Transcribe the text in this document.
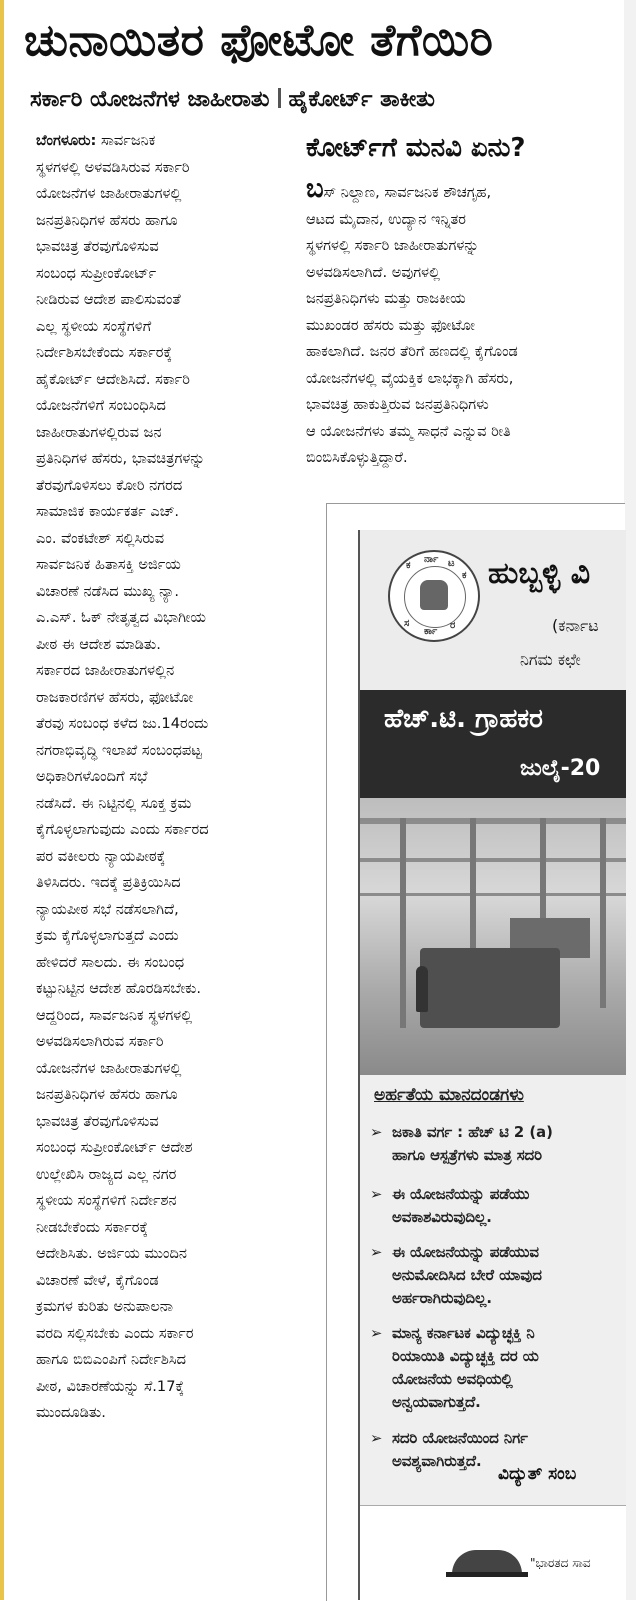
ಚುನಾಯಿತರ ಫೋಟೋ ತೆಗೆಯಿರಿ
ಸರ್ಕಾರಿ ಯೋಜನೆಗಳ ಜಾಹೀರಾತು ಹೈಕೋರ್ಟ್ ತಾಕೀತು
ಬೆಂಗಳೂರು: ಸಾರ್ವಜನಿಕ
ಸ್ಥಳಗಳಲ್ಲಿ ಅಳವಡಿಸಿರುವ ಸರ್ಕಾರಿ
ಯೋಜನೆಗಳ ಜಾಹೀರಾತುಗಳಲ್ಲಿ
ಜನಪ್ರತಿನಿಧಿಗಳ ಹೆಸರು ಹಾಗೂ
ಭಾವಚಿತ್ರ ತೆರವುಗೊಳಿಸುವ
ಸಂಬಂಧ ಸುಪ್ರೀಂಕೋರ್ಟ್
ನೀಡಿರುವ ಆದೇಶ ಪಾಲಿಸುವಂತೆ
ಎಲ್ಲ ಸ್ಥಳೀಯ ಸಂಸ್ಥೆಗಳಿಗೆ
ನಿರ್ದೇಶಿಸಬೇಕೆಂದು ಸರ್ಕಾರಕ್ಕೆ
ಹೈಕೋರ್ಟ್ ಆದೇಶಿಸಿದೆ. ಸರ್ಕಾರಿ
ಯೋಜನೆಗಳಿಗೆ ಸಂಬಂಧಿಸಿದ
ಜಾಹೀರಾತುಗಳಲ್ಲಿರುವ ಜನ
ಪ್ರತಿನಿಧಿಗಳ ಹೆಸರು, ಭಾವಚಿತ್ರಗಳನ್ನು
ತೆರವುಗೊಳಿಸಲು ಕೋರಿ ನಗರದ
ಸಾಮಾಜಿಕ ಕಾರ್ಯಕರ್ತ ಎಚ್.
ಎಂ. ವೆಂಕಟೇಶ್ ಸಲ್ಲಿಸಿರುವ
ಸಾರ್ವಜನಿಕ ಹಿತಾಸಕ್ತಿ ಅರ್ಜಿಯ
ವಿಚಾರಣೆ ನಡೆಸಿದ ಮುಖ್ಯ ನ್ಯಾ.
ಎ.ಎಸ್. ಓಕ್ ನೇತೃತ್ವದ ವಿಭಾಗೀಯ
ಪೀಠ ಈ ಆದೇಶ ಮಾಡಿತು.
ಸರ್ಕಾರದ ಜಾಹೀರಾತುಗಳಲ್ಲಿನ
ರಾಜಕಾರಣಿಗಳ ಹೆಸರು, ಫೋಟೋ
ತೆರವು ಸಂಬಂಧ ಕಳೆದ ಜು.14ರಂದು
ನಗರಾಭಿವೃದ್ಧಿ ಇಲಾಖೆ ಸಂಬಂಧಪಟ್ಟ
ಅಧಿಕಾರಿಗಳೊಂದಿಗೆ ಸಭೆ
ನಡೆಸಿದೆ. ಈ ನಿಟ್ಟಿನಲ್ಲಿ ಸೂಕ್ತ ಕ್ರಮ
ಕೈಗೊಳ್ಳಲಾಗುವುದು ಎಂದು ಸರ್ಕಾರದ
ಪರ ವಕೀಲರು ನ್ಯಾಯಪೀಠಕ್ಕೆ
ತಿಳಿಸಿದರು. ಇದಕ್ಕೆ ಪ್ರತಿಕ್ರಿಯಿಸಿದ
ನ್ಯಾಯಪೀಠ ಸಭೆ ನಡೆಸಲಾಗಿದೆ,
ಕ್ರಮ ಕೈಗೊಳ್ಳಲಾಗುತ್ತದೆ ಎಂದು
ಹೇಳಿದರೆ ಸಾಲದು. ಈ ಸಂಬಂಧ
ಕಟ್ಟುನಿಟ್ಟಿನ ಆದೇಶ ಹೊರಡಿಸಬೇಕು.
ಆದ್ದರಿಂದ, ಸಾರ್ವಜನಿಕ ಸ್ಥಳಗಳಲ್ಲಿ
ಅಳವಡಿಸಲಾಗಿರುವ ಸರ್ಕಾರಿ
ಯೋಜನೆಗಳ ಜಾಹೀರಾತುಗಳಲ್ಲಿ
ಜನಪ್ರತಿನಿಧಿಗಳ ಹೆಸರು ಹಾಗೂ
ಭಾವಚಿತ್ರ ತೆರವುಗೊಳಿಸುವ
ಸಂಬಂಧ ಸುಪ್ರೀಂಕೋರ್ಟ್ ಆದೇಶ
ಉಲ್ಲೇಖಿಸಿ ರಾಜ್ಯದ ಎಲ್ಲ ನಗರ
ಸ್ಥಳೀಯ ಸಂಸ್ಥೆಗಳಿಗೆ ನಿರ್ದೇಶನ
ನೀಡಬೇಕೆಂದು ಸರ್ಕಾರಕ್ಕೆ
ಆದೇಶಿಸಿತು. ಅರ್ಜಿಯ ಮುಂದಿನ
ವಿಚಾರಣೆ ವೇಳೆ, ಕೈಗೊಂಡ
ಕ್ರಮಗಳ ಕುರಿತು ಅನುಪಾಲನಾ
ವರದಿ ಸಲ್ಲಿಸಬೇಕು ಎಂದು ಸರ್ಕಾರ
ಹಾಗೂ ಬಿಬಿಎಂಪಿಗೆ ನಿರ್ದೇಶಿಸಿದ
ಪೀಠ, ವಿಚಾರಣೆಯನ್ನು ಸೆ.17ಕ್ಕೆ
ಮುಂದೂಡಿತು.
ಕೋರ್ಟ್‌ಗೆ ಮನವಿ ಏನು?
ಬಸ್ ನಿಲ್ದಾಣ, ಸಾರ್ವಜನಿಕ ಶೌಚಗೃಹ,
ಆಟದ ಮೈದಾನ, ಉದ್ಯಾನ ಇನ್ನಿತರ
ಸ್ಥಳಗಳಲ್ಲಿ ಸರ್ಕಾರಿ ಜಾಹೀರಾತುಗಳನ್ನು
ಅಳವಡಿಸಲಾಗಿದೆ. ಅವುಗಳಲ್ಲಿ
ಜನಪ್ರತಿನಿಧಿಗಳು ಮತ್ತು ರಾಜಕೀಯ
ಮುಖಂಡರ ಹೆಸರು ಮತ್ತು ಫೋಟೋ
ಹಾಕಲಾಗಿದೆ. ಜನರ ತೆರಿಗೆ ಹಣದಲ್ಲಿ ಕೈಗೊಂಡ
ಯೋಜನೆಗಳಲ್ಲಿ ವೈಯಕ್ತಿಕ ಲಾಭಕ್ಕಾಗಿ ಹೆಸರು,
ಭಾವಚಿತ್ರ ಹಾಕುತ್ತಿರುವ ಜನಪ್ರತಿನಿಧಿಗಳು
ಆ ಯೋಜನೆಗಳು ತಮ್ಮ ಸಾಧನೆ ಎನ್ನುವ ರೀತಿ
ಬಿಂಬಿಸಿಕೊಳ್ಳುತ್ತಿದ್ದಾರೆ.
ಕ
ರ್ನಾ ಟ
ಕ
ಸ
ರ್ಕಾ
ರ
ಹುಬ್ಬಳ್ಳಿ ವಿ
(ಕರ್ನಾಟ
ನಿಗಮ ಕಛೇ
ಹೆಚ್.ಟಿ. ಗ್ರಾಹಕರ
ಜುಲೈ-20
ಅರ್ಹತೆಯ ಮಾನದಂಡಗಳು
➢ ಜಕಾತಿ ವರ್ಗ : ಹೆಚ್ ಟಿ 2 (a)
ಹಾಗೂ ಆಸ್ಪತ್ರೆಗಳು ಮಾತ್ರ ಸದರಿ
➢ ಈ ಯೋಜನೆಯನ್ನು ಪಡೆಯು
ಅವಕಾಶವಿರುವುದಿಲ್ಲ.
➢ ಈ ಯೋಜನೆಯನ್ನು ಪಡೆಯುವ
ಅನುಮೋದಿಸಿದ ಬೇರೆ ಯಾವುದ
ಅರ್ಹರಾಗಿರುವುದಿಲ್ಲ.
➢ ಮಾನ್ಯ ಕರ್ನಾಟಕ ವಿದ್ಯುಚ್ಛಕ್ತಿ ನಿ
ರಿಯಾಯಿತಿ ವಿದ್ಯುಚ್ಛಕ್ತಿ ದರ ಯ
ಯೋಜನೆಯ ಅವಧಿಯಲ್ಲಿ
ಅನ್ವಯವಾಗುತ್ತದೆ.
➢ ಸದರಿ ಯೋಜನೆಯಿಂದ ನಿರ್ಗ
ಅವಶ್ಯವಾಗಿರುತ್ತದೆ.
ವಿದ್ಯುತ್ ಸಂಬ
"ಭಾರತದ ಸಾವ
